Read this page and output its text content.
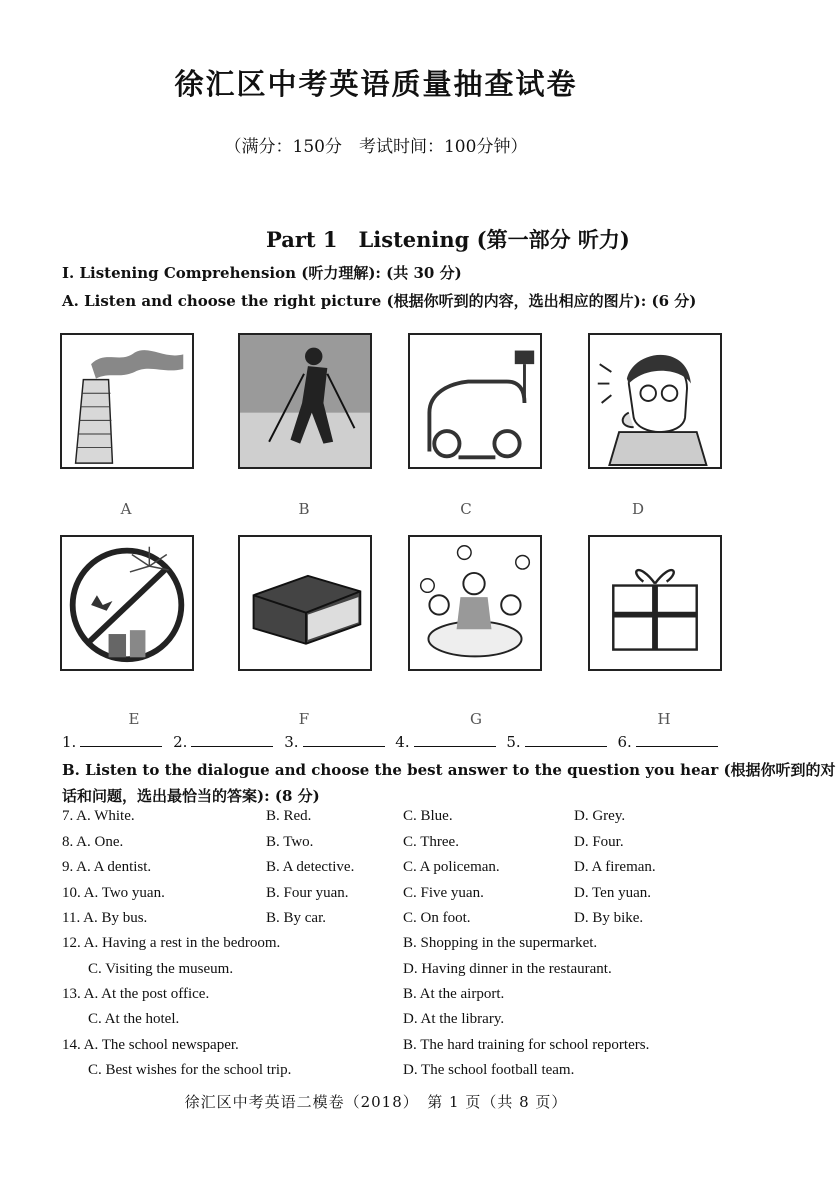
徐汇区中考英语质量抽查试卷
（满分：150分　考试时间：100分钟）
Part 1　Listening (第一部分 听力)
I. Listening Comprehension (听力理解): (共 30 分)
A. Listen and choose the right picture (根据你听到的内容，选出相应的图片): (6 分)
A	B	C	D
E	F	G	H
1.	2.	3.	4.	5.	6.
B. Listen to the dialogue and choose the best answer to the question you hear (根据你听到的对
话和问题，选出最恰当的答案): (8 分)
7. A. White.	B. Red.	C. Blue.	D. Grey.
8. A. One.	B. Two.	C. Three.	D. Four.
9. A. A dentist.	B. A detective.	C. A policeman.	D. A fireman.
10. A. Two yuan.	B. Four yuan.	C. Five yuan.	D. Ten yuan.
11. A. By bus.	B. By car.	C. On foot.	D. By bike.
12. A. Having a rest in the bedroom.	B. Shopping in the supermarket.
C. Visiting the museum.	D. Having dinner in the restaurant.
13. A. At the post office.	B. At the airport.
C. At the hotel.	D. At the library.
14. A. The school newspaper.	B. The hard training for school reporters.
C. Best wishes for the school trip.	D. The school football team.
徐汇区中考英语二模卷（2018）　第 1 页（共 8 页）
